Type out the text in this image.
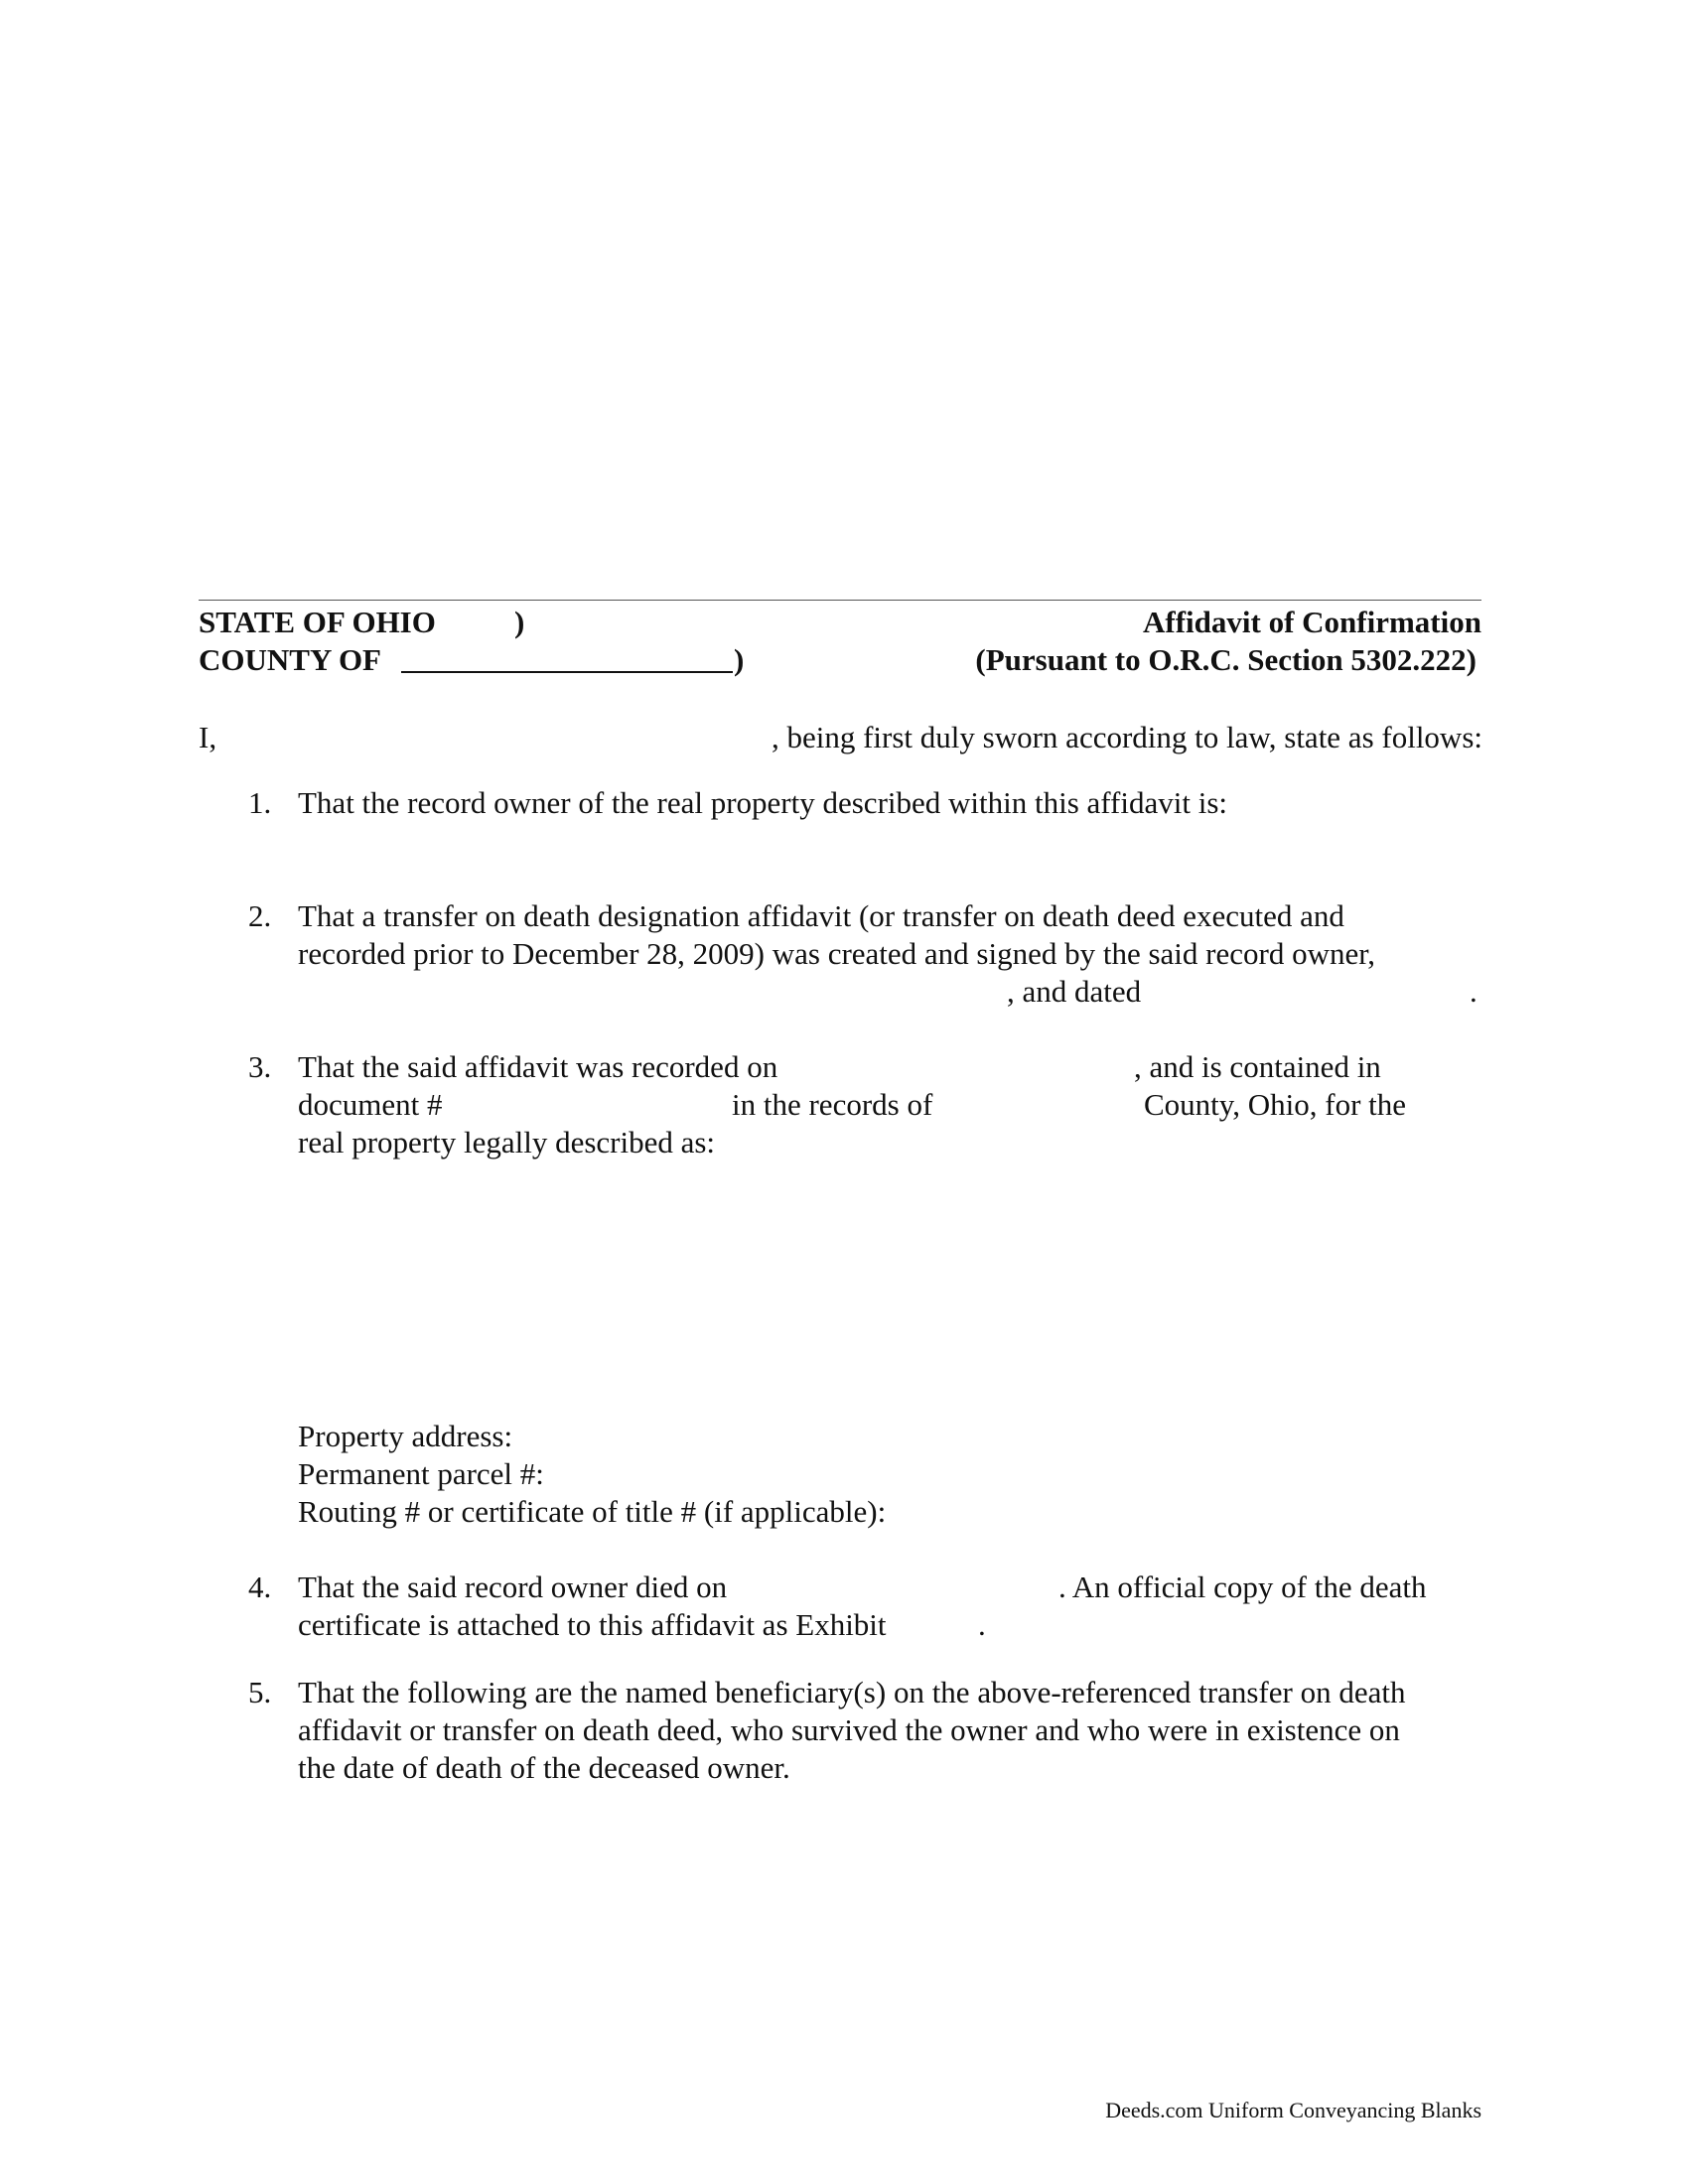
STATE OF OHIO	)
COUNTY OF	)
Affidavit of Confirmation
(Pursuant to O.R.C. Section 5302.222)
I,	, being first duly sworn according to law, state as follows:
1. That the record owner of the real property described within this affidavit is:
2. That a transfer on death designation affidavit (or transfer on death deed executed and
recorded prior to December 28, 2009) was created and signed by the said record owner,
, and dated	.
3. That the said affidavit was recorded on	, and is contained in
document #	in the records of	County, Ohio, for the
real property legally described as:
Property address:
Permanent parcel #:
Routing # or certificate of title # (if applicable):
4. That the said record owner died on	. An official copy of the death
certificate is attached to this affidavit as Exhibit	.
5. That the following are the named beneficiary(s) on the above-referenced transfer on death
affidavit or transfer on death deed, who survived the owner and who were in existence on
the date of death of the deceased owner.
Deeds.com Uniform Conveyancing Blanks
